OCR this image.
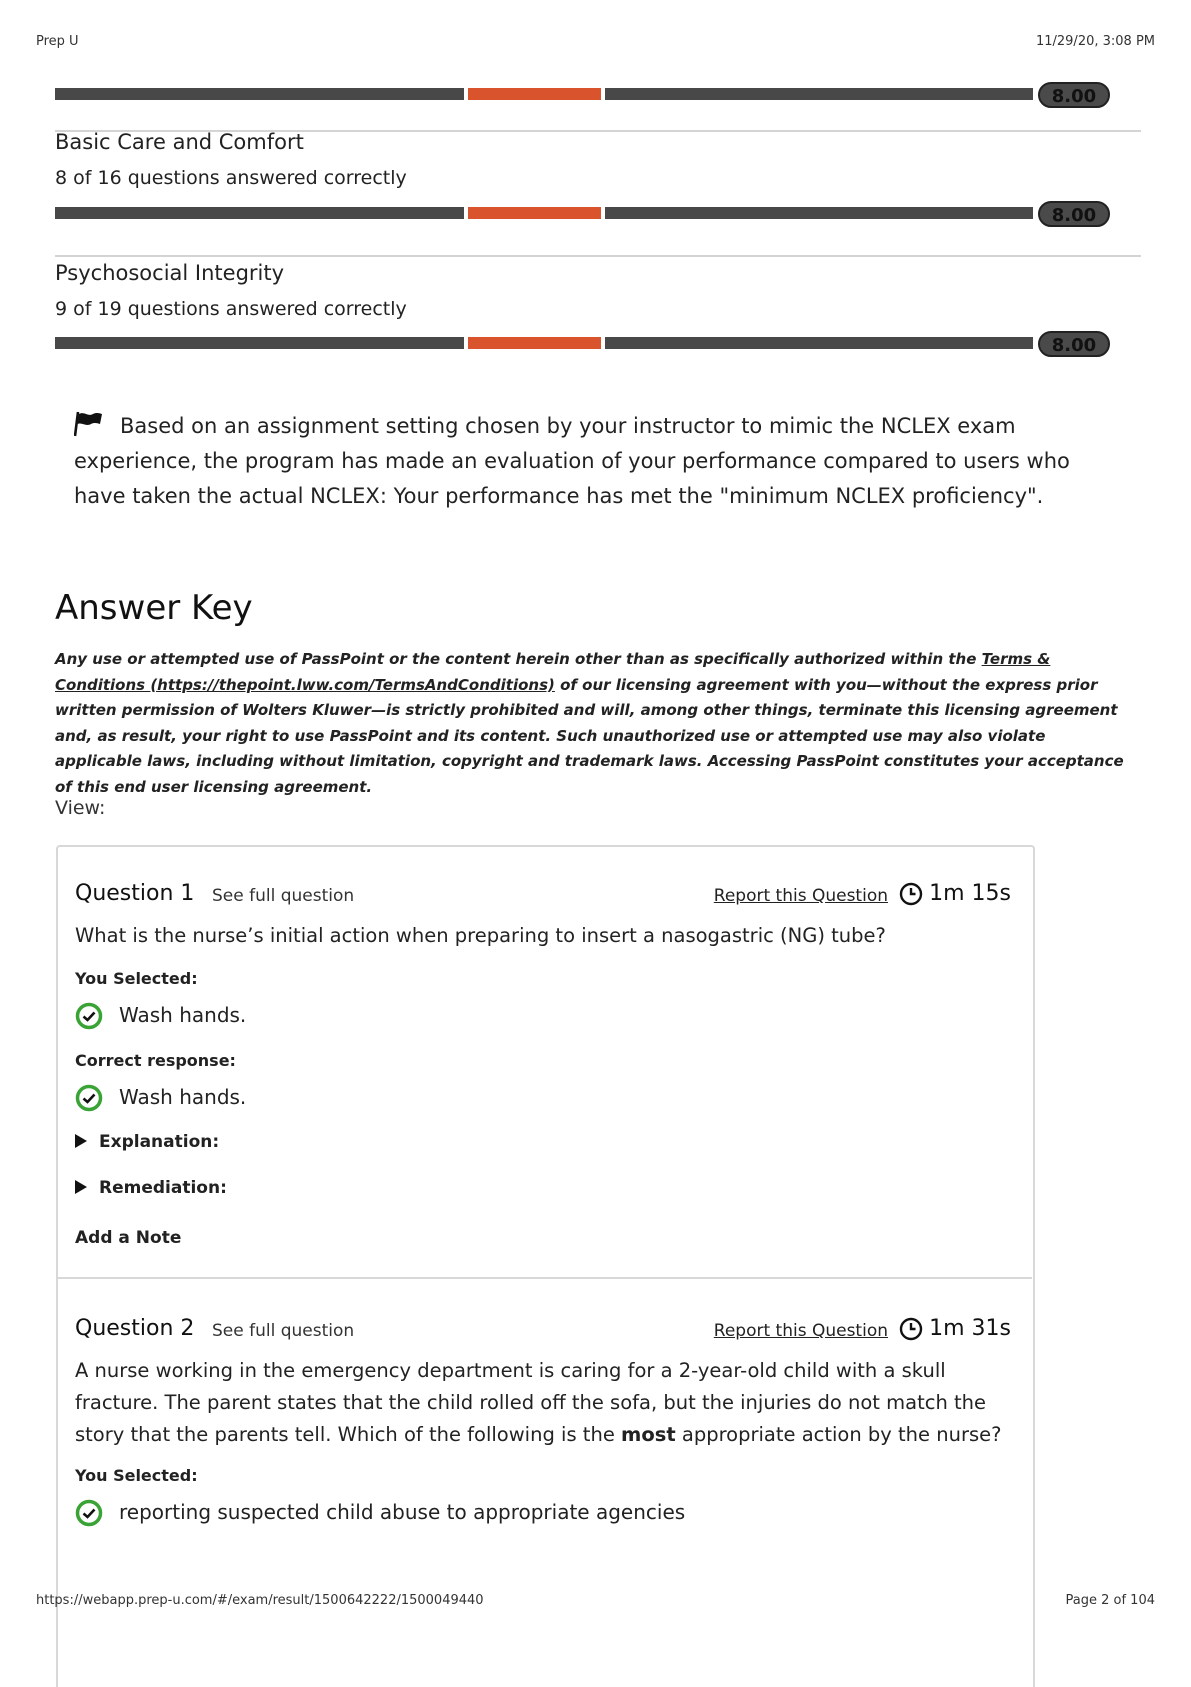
Prep U	11/29/20, 3:08 PM
8.00
Basic Care and Comfort
8 of 16 questions answered correctly
8.00
Psychosocial Integrity
9 of 19 questions answered correctly
8.00
Based on an assignment setting chosen by your instructor to mimic the NCLEX exam experience, the program has made an evaluation of your performance compared to users who have taken the actual NCLEX: Your performance has met the "minimum NCLEX proficiency".
Answer Key
Any use or attempted use of PassPoint or the content herein other than as specifically authorized within the Terms & Conditions (https://thepoint.lww.com/TermsAndConditions) of our licensing agreement with you—without the express prior written permission of Wolters Kluwer—is strictly prohibited and will, among other things, terminate this licensing agreement and, as result, your right to use PassPoint and its content. Such unauthorized use or attempted use may also violate applicable laws, including without limitation, copyright and trademark laws. Accessing PassPoint constitutes your acceptance of this end user licensing agreement.
View:
Question 1 See full question	Report this Question 1m 15s
What is the nurse’s initial action when preparing to insert a nasogastric (NG) tube?
You Selected:
Wash hands.
Correct response:
Wash hands.
Explanation:
Remediation:
Add a Note
Question 2 See full question	Report this Question 1m 31s
A nurse working in the emergency department is caring for a 2-year-old child with a skull fracture. The parent states that the child rolled off the sofa, but the injuries do not match the story that the parents tell. Which of the following is the most appropriate action by the nurse?
You Selected:
reporting suspected child abuse to appropriate agencies
https://webapp.prep-u.com/#/exam/result/1500642222/1500049440	Page 2 of 104
